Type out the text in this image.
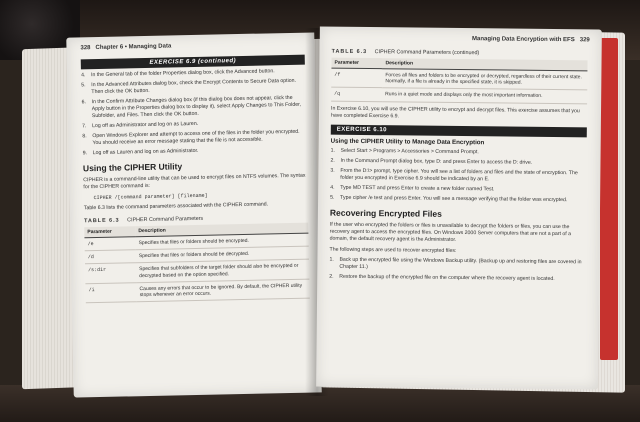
328 Chapter 6 • Managing Data
EXERCISE 6.9 (continued)
4.	In the General tab of the folder Properties dialog box, click the Advanced button.
5.	In the Advanced Attributes dialog box, check the Encrypt Contents to Secure Data option. Then click the OK button.
6.	In the Confirm Attribute Changes dialog box (if this dialog box does not appear, click the Apply button in the Properties dialog box to display it), select Apply Changes to This Folder, Subfolder, and Files. Then click the OK button.
7.	Log off as Administrator and log on as Lauren.
8.	Open Windows Explorer and attempt to access one of the files in the folder you encrypted. You should receive an error message stating that the file is not accessible.
9.	Log off as Lauren and log on as Administrator.
Using the CIPHER Utility
CIPHER is a command-line utility that can be used to encrypt files on NTFS volumes. The syntax for the CIPHER command is:
CIPHER /[command parameter] [filename]
Table 6.3 lists the command parameters associated with the CIPHER command.
TABLE 6.3 CIPHER Command Parameters
Parameter	Description
/e	Specifies that files or folders should be encrypted.
/d	Specifies that files or folders should be decrypted.
/s:dir	Specifies that subfolders of the target folder should also be encrypted or decrypted based on the option specified.
/i	Causes any errors that occur to be ignored. By default, the CIPHER utility stops whenever an error occurs.
Managing Data Encryption with EFS 329
TABLE 6.3 CIPHER Command Parameters (continued)
Parameter	Description
/f	Forces all files and folders to be encrypted or decrypted, regardless of their current state. Normally, if a file is already in the specified state, it is skipped.
/q	Runs in a quiet mode and displays only the most important information.
In Exercise 6.10, you will use the CIPHER utility to encrypt and decrypt files. This exercise assumes that you have completed Exercise 6.9.
EXERCISE 6.10
Using the CIPHER Utility to Manage Data Encryption
1.	Select Start > Programs > Accessories > Command Prompt.
2.	In the Command Prompt dialog box, type D: and press Enter to access the D: drive.
3.	From the D:\> prompt, type cipher. You will see a list of folders and files and the state of encryption. The folder you encrypted in Exercise 6.9 should be indicated by an E.
4.	Type MD TEST and press Enter to create a new folder named Test.
5.	Type cipher /e test and press Enter. You will see a message verifying that the folder was encrypted.
Recovering Encrypted Files
If the user who encrypted the folders or files is unavailable to decrypt the folders or files, you can use the recovery agent to access the encrypted files. On Windows 2000 Server computers that are not a part of a domain, the default recovery agent is the Administrator.
The following steps are used to recover encrypted files:
1.	Back up the encrypted file using the Windows Backup utility. (Backup up and restoring files are covered in Chapter 11.)
2.	Restore the backup of the encrypted file on the computer where the recovery agent is located.
